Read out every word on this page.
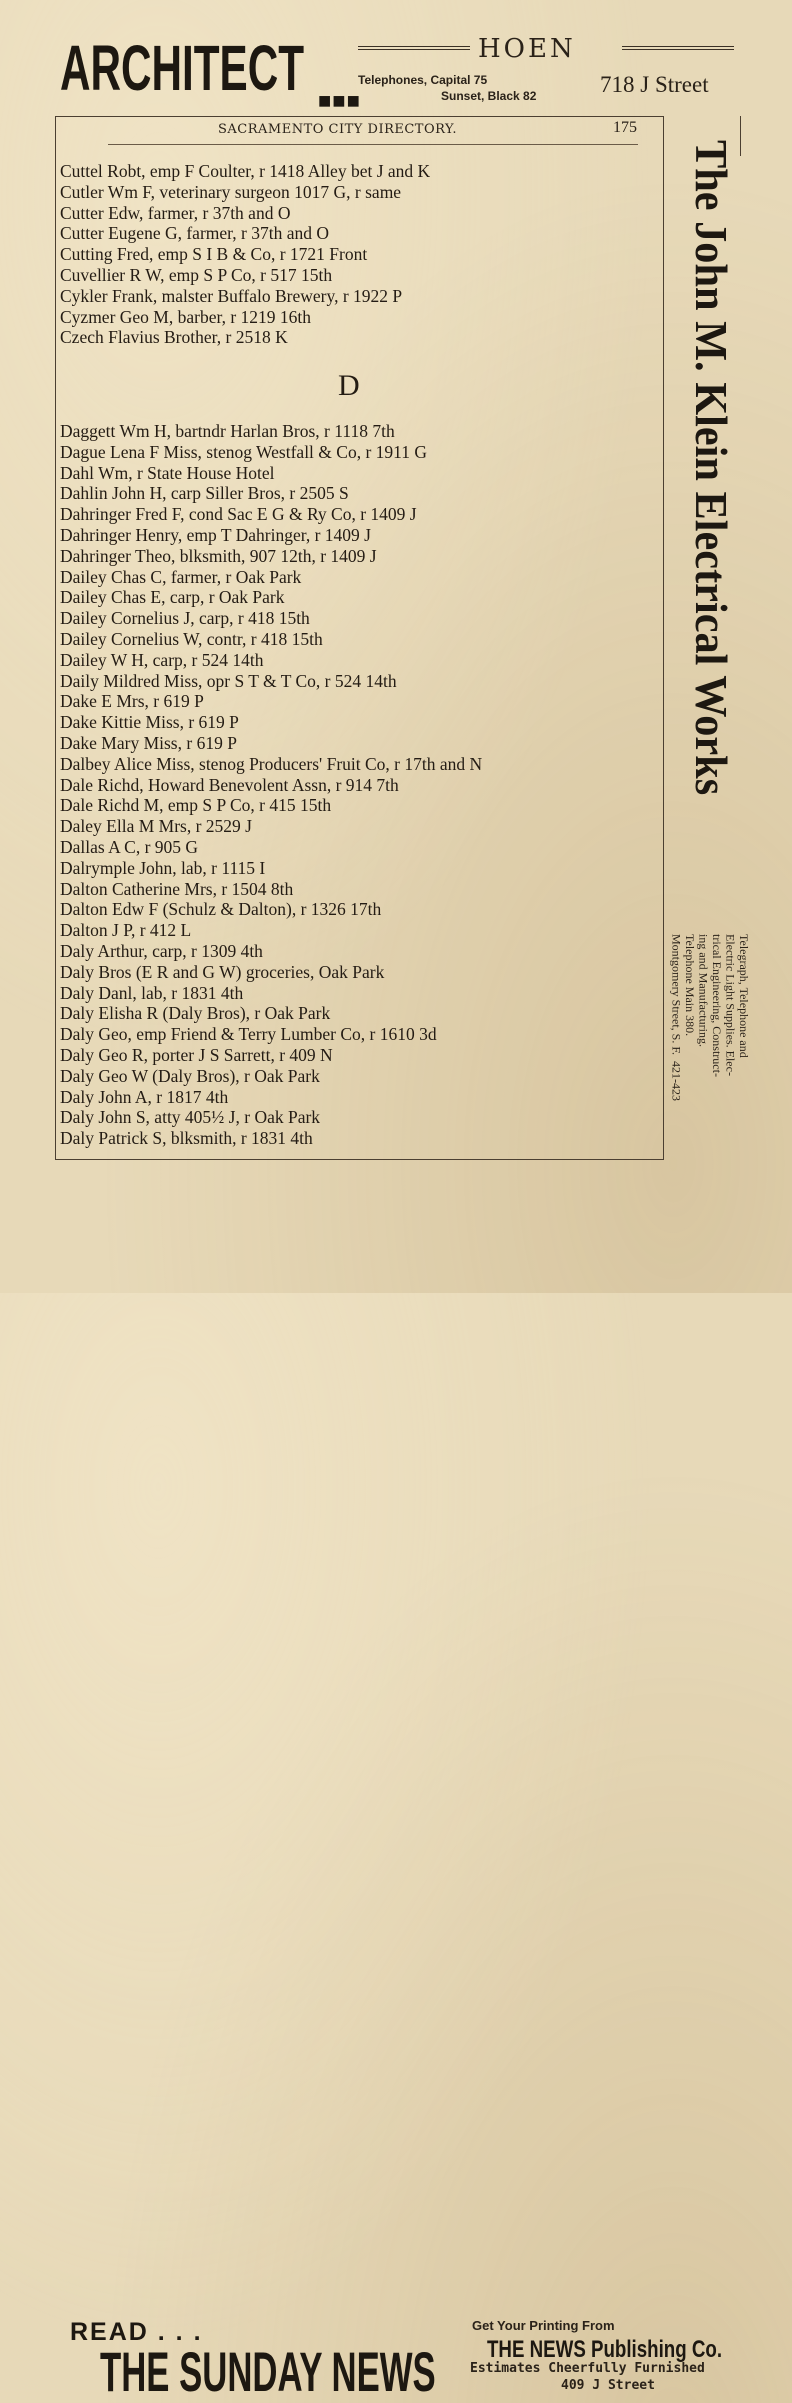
ARCHITECT ■■■
HOEN
Telephones, Capital 75
Sunset, Black 82	718 J Street
SACRAMENTO CITY DIRECTORY.	175
Cuttel Robt, emp F Coulter, r 1418 Alley bet J and K
Cutler Wm F, veterinary surgeon 1017 G, r same
Cutter Edw, farmer, r 37th and O
Cutter Eugene G, farmer, r 37th and O
Cutting Fred, emp S I B & Co, r 1721 Front
Cuvellier R W, emp S P Co, r 517 15th
Cykler Frank, malster Buffalo Brewery, r 1922 P
Cyzmer Geo M, barber, r 1219 16th
Czech Flavius Brother, r 2518 K
D
Daggett Wm H, bartndr Harlan Bros, r 1118 7th
Dague Lena F Miss, stenog Westfall & Co, r 1911 G
Dahl Wm, r State House Hotel
Dahlin John H, carp Siller Bros, r 2505 S
Dahringer Fred F, cond Sac E G & Ry Co, r 1409 J
Dahringer Henry, emp T Dahringer, r 1409 J
Dahringer Theo, blksmith, 907 12th, r 1409 J
Dailey Chas C, farmer, r Oak Park
Dailey Chas E, carp, r Oak Park
Dailey Cornelius J, carp, r 418 15th
Dailey Cornelius W, contr, r 418 15th
Dailey W H, carp, r 524 14th
Daily Mildred Miss, opr S T & T Co, r 524 14th
Dake E Mrs, r 619 P
Dake Kittie Miss, r 619 P
Dake Mary Miss, r 619 P
Dalbey Alice Miss, stenog Producers' Fruit Co, r 17th and N
Dale Richd, Howard Benevolent Assn, r 914 7th
Dale Richd M, emp S P Co, r 415 15th
Daley Ella M Mrs, r 2529 J
Dallas A C, r 905 G
Dalrymple John, lab, r 1115 I
Dalton Catherine Mrs, r 1504 8th
Dalton Edw F (Schulz & Dalton), r 1326 17th
Dalton J P, r 412 L
Daly Arthur, carp, r 1309 4th
Daly Bros (E R and G W) groceries, Oak Park
Daly Danl, lab, r 1831 4th
Daly Elisha R (Daly Bros), r Oak Park
Daly Geo, emp Friend & Terry Lumber Co, r 1610 3d
Daly Geo R, porter J S Sarrett, r 409 N
Daly Geo W (Daly Bros), r Oak Park
Daly John A, r 1817 4th
Daly John S, atty 405½ J, r Oak Park
Daly Patrick S, blksmith, r 1831 4th
The John M. Klein Electrical Works
Telegraph, Telephone and
Electric Light Supplies. Elec-
trical Engineering, Construct-
ing and Manufacturing.
Telephone Main 380.
Montgomery Street, S. F.  421-423
READ . . .
THE SUNDAY NEWS
Get Your Printing From
THE NEWS Publishing Co.
Estimates Cheerfully Furnished
409 J Street
